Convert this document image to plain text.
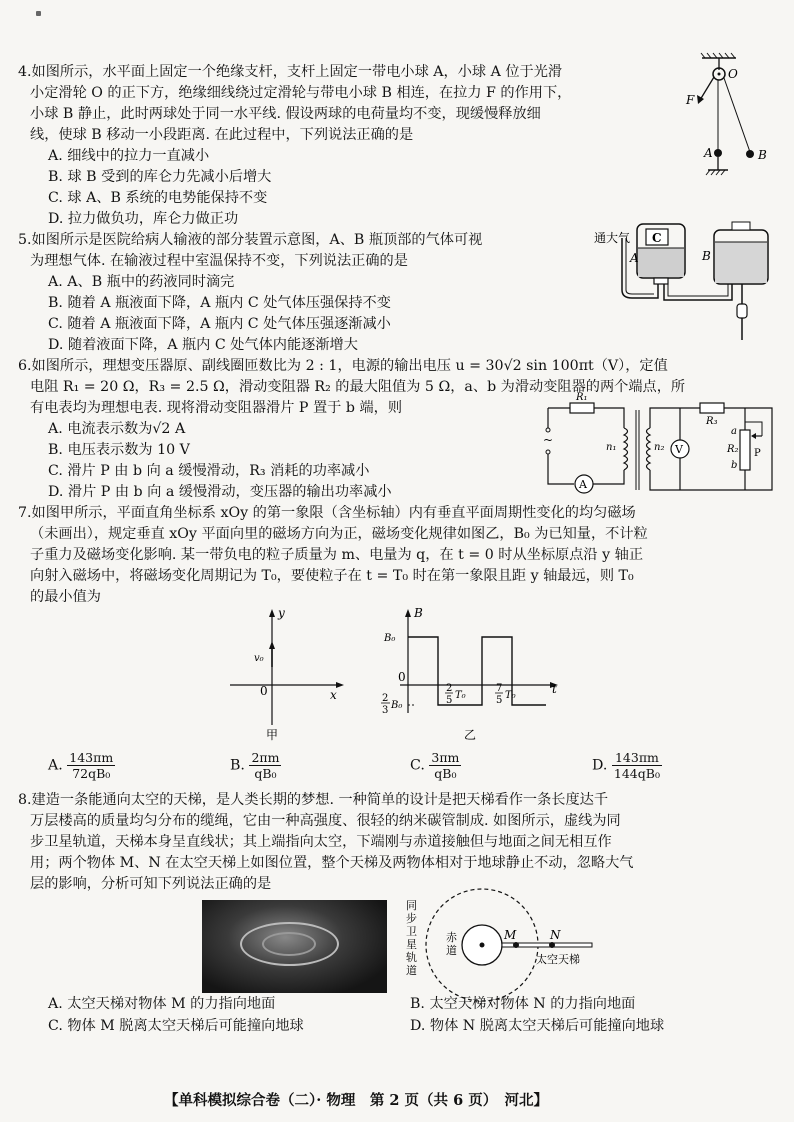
4.如图所示，水平面上固定一个绝缘支杆，支杆上固定一带电小球 A，小球 A 位于光滑
小定滑轮 O 的正下方，绝缘细线绕过定滑轮与带电小球 B 相连，在拉力 F 的作用下，
小球 B 静止，此时两球处于同一水平线. 假设两球的电荷量均不变，现缓慢释放细
线，使球 B 移动一小段距离. 在此过程中，下列说法正确的是
A. 细线中的拉力一直减小
B. 球 B 受到的库仑力先减小后增大
C. 球 A、B 系统的电势能保持不变
D. 拉力做负功，库仑力做正功
O
F
A	B
5.如图所示是医院给病人输液的部分装置示意图，A、B 瓶顶部的气体可视
为理想气体. 在输液过程中室温保持不变，下列说法正确的是
A. A、B 瓶中的药液同时滴完
B. 随着 A 瓶液面下降，A 瓶内 C 处气体压强保持不变
C. 随着 A 瓶液面下降，A 瓶内 C 处气体压强逐渐减小
D. 随着液面下降，A 瓶内 C 处气体内能逐渐增大
通大气 C
A	B
6.如图所示，理想变压器原、副线圈匝数比为 2 : 1，电源的输出电压 u = 30√2 sin 100πt（V），定值
电阻 R₁ = 20 Ω，R₃ = 2.5 Ω，滑动变阻器 R₂ 的最大阻值为 5 Ω，a、b 为滑动变阻器的两个端点，所
有电表均为理想电表. 现将滑动变阻器滑片 P 置于 b 端，则
A. 电流表示数为√2 A
B. 电压表示数为 10 V
C. 滑片 P 由 b 向 a 缓慢滑动，R₃ 消耗的功率减小
D. 滑片 P 由 b 向 a 缓慢滑动，变压器的输出功率减小
R₁
~
A
n₁	n₂
R₃
V
a
R₂
b
P
7.如图甲所示，平面直角坐标系 xOy 的第一象限（含坐标轴）内有垂直平面周期性变化的均匀磁场
（未画出），规定垂直 xOy 平面向里的磁场方向为正，磁场变化规律如图乙，B₀ 为已知量，不计粒
子重力及磁场变化影响. 某一带负电的粒子质量为 m、电量为 q，在 t = 0 时从坐标原点沿 y 轴正
向射入磁场中，将磁场变化周期记为 T₀，要使粒子在 t = T₀ 时在第一象限且距 y 轴最远，则 T₀
的最小值为
y
x
0
v₀
甲
B
t
B₀
0
2
3 B₀
2
5 T₀
7
5 T₀
乙
A. $\frac{143\pi m}{\text{72qB₀}}$	B. $\frac{2\pi m}{\text{qB₀}}$	C. $\frac{3\pi m}{\text{qB₀}}$	D. $\frac{143\pi m}{\text{144qB₀}}$
8.建造一条能通向太空的天梯，是人类长期的梦想. 一种简单的设计是把天梯看作一条长度达千
万层楼高的质量均匀分布的缆绳，它由一种高强度、很轻的纳米碳管制成. 如图所示，虚线为同
步卫星轨道，天梯本身呈直线状；其上端指向太空，下端刚与赤道接触但与地面之间无相互作
用；两个物体 M、N 在太空天梯上如图位置，整个天梯及两物体相对于地球静止不动，忽略大气
层的影响，分析可知下列说法正确的是
同
步
卫
星
轨
道
赤
道
M	N
太空天梯
A. 太空天梯对物体 M 的力指向地面	B. 太空天梯对物体 N 的力指向地面
C. 物体 M 脱离太空天梯后可能撞向地球	D. 物体 N 脱离太空天梯后可能撞向地球
【单科模拟综合卷（二）· 物理　第 2 页（共 6 页）　河北】
